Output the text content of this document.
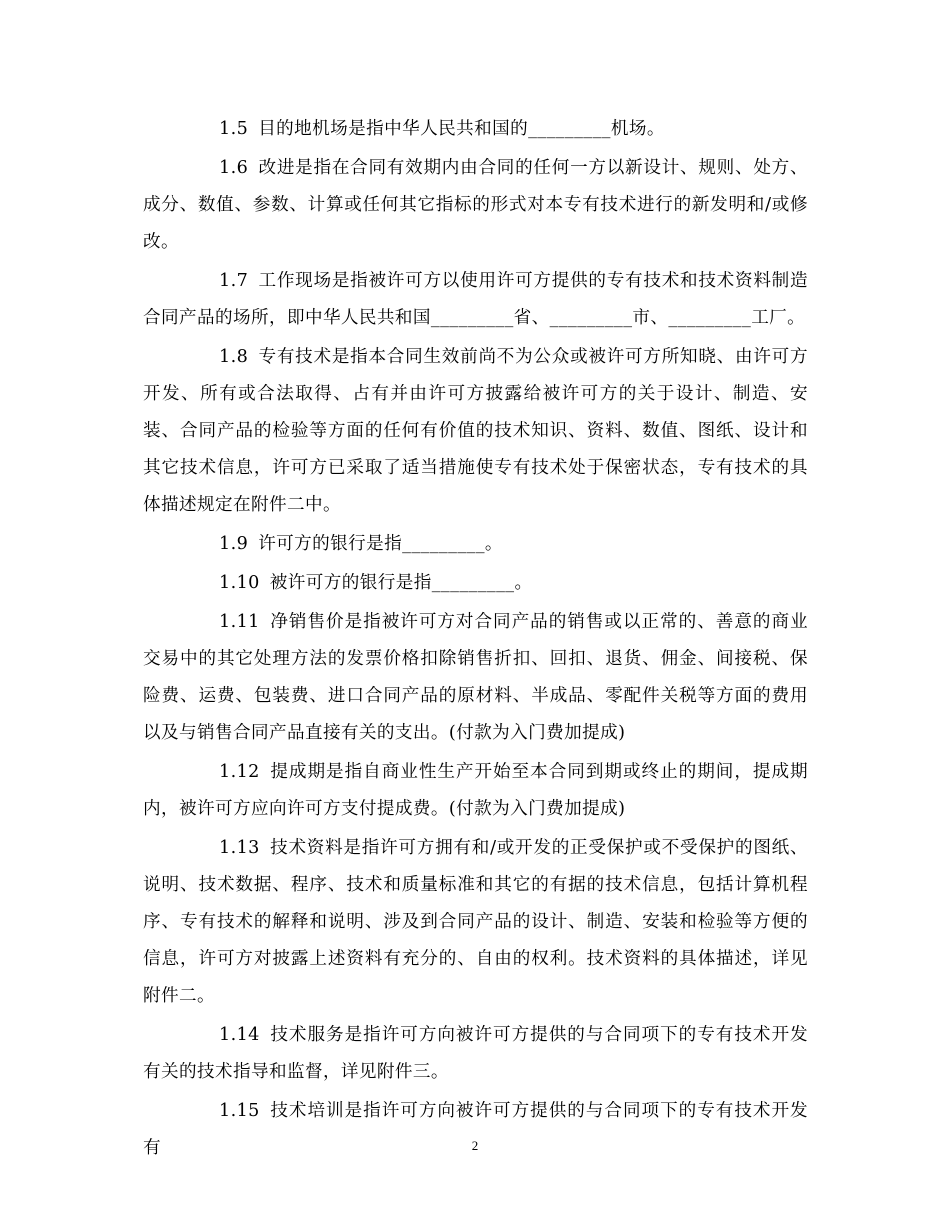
1.5 目的地机场是指中华人民共和国的_________机场。

1.6 改进是指在合同有效期内由合同的任何一方以新设计、规则、处方、成分、数值、参数、计算或任何其它指标的形式对本专有技术进行的新发明和/或修改。

1.7 工作现场是指被许可方以使用许可方提供的专有技术和技术资料制造合同产品的场所，即中华人民共和国_________省、_________市、_________工厂。

1.8 专有技术是指本合同生效前尚不为公众或被许可方所知晓、由许可方开发、所有或合法取得、占有并由许可方披露给被许可方的关于设计、制造、安装、合同产品的检验等方面的任何有价值的技术知识、资料、数值、图纸、设计和其它技术信息，许可方已采取了适当措施使专有技术处于保密状态，专有技术的具体描述规定在附件二中。

1.9 许可方的银行是指_________。

1.10 被许可方的银行是指_________。

1.11 净销售价是指被许可方对合同产品的销售或以正常的、善意的商业交易中的其它处理方法的发票价格扣除销售折扣、回扣、退货、佣金、间接税、保险费、运费、包装费、进口合同产品的原材料、半成品、零配件关税等方面的费用以及与销售合同产品直接有关的支出。(付款为入门费加提成)

1.12 提成期是指自商业性生产开始至本合同到期或终止的期间，提成期内，被许可方应向许可方支付提成费。(付款为入门费加提成)

1.13 技术资料是指许可方拥有和/或开发的正受保护或不受保护的图纸、说明、技术数据、程序、技术和质量标准和其它的有据的技术信息，包括计算机程序、专有技术的解释和说明、涉及到合同产品的设计、制造、安装和检验等方便的信息，许可方对披露上述资料有充分的、自由的权利。技术资料的具体描述，详见附件二。

1.14 技术服务是指许可方向被许可方提供的与合同项下的专有技术开发有关的技术指导和监督，详见附件三。

1.15 技术培训是指许可方向被许可方提供的与合同项下的专有技术开发有	2
